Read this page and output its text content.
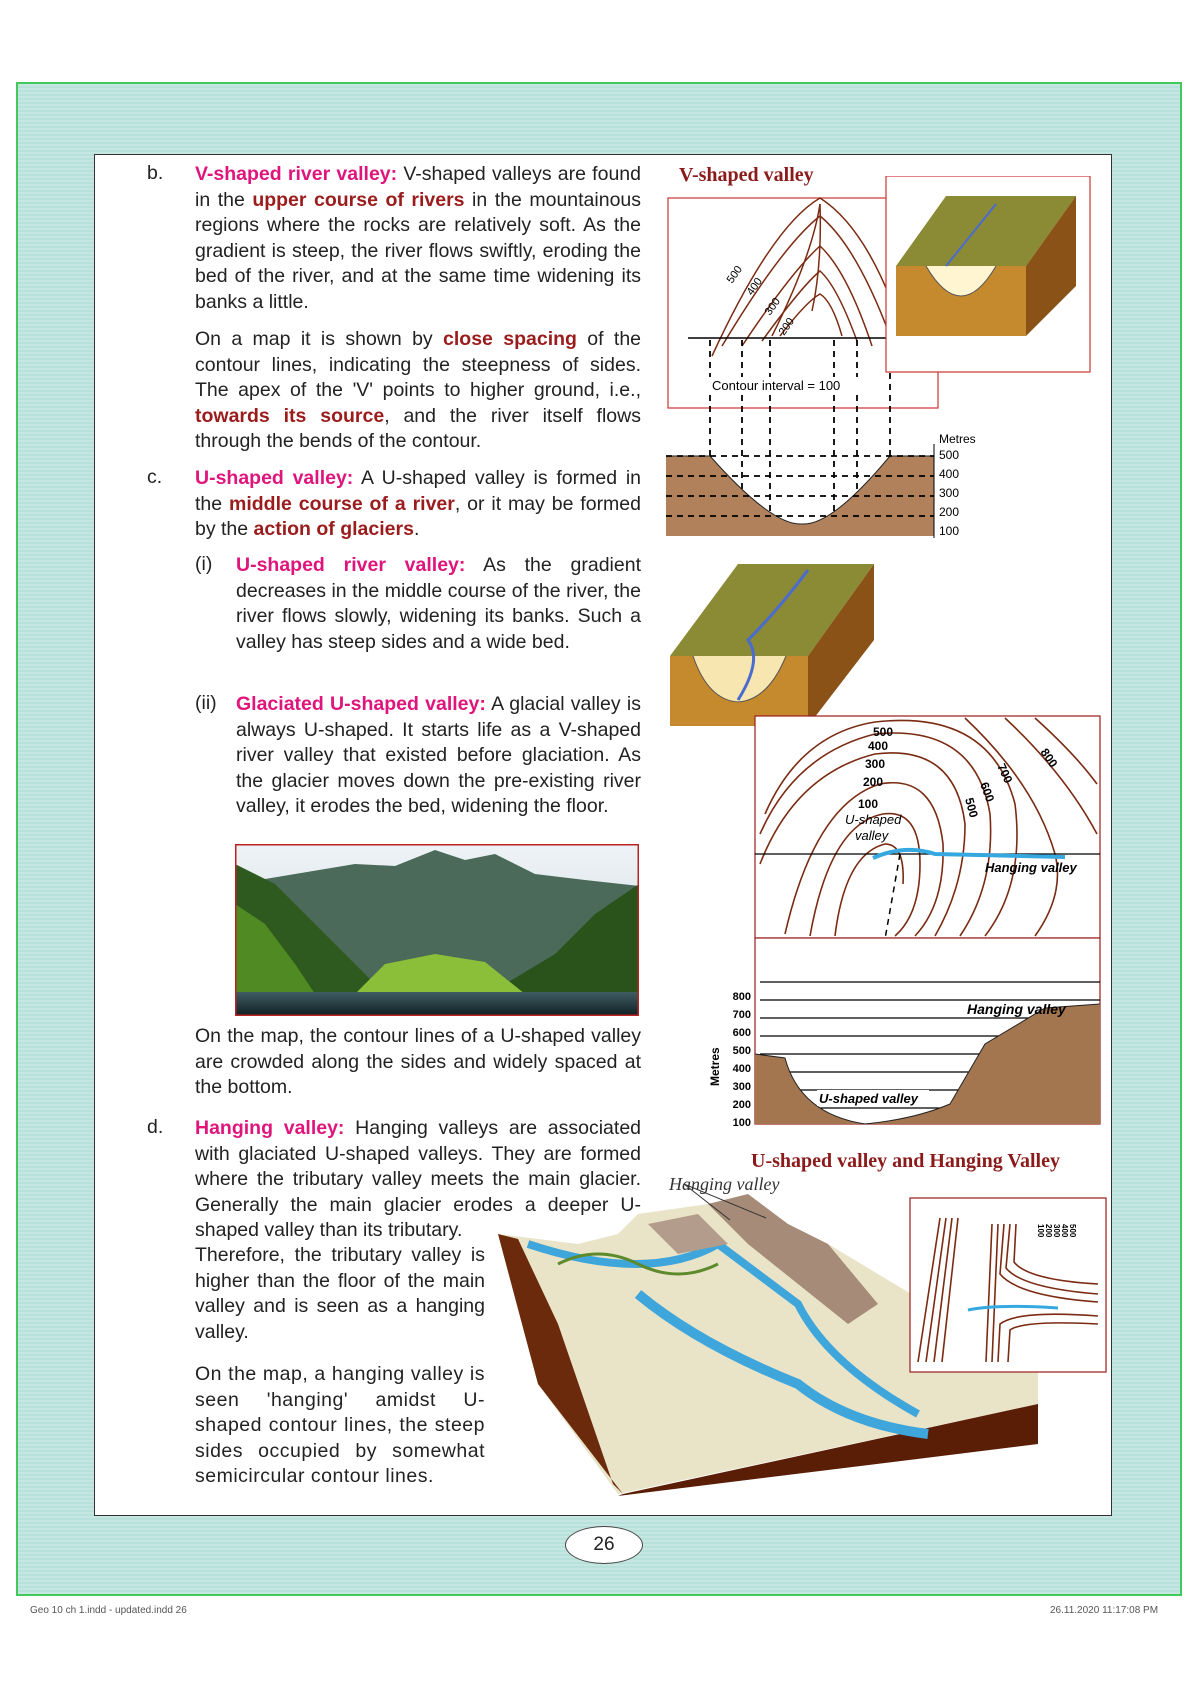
b. V-shaped river valley: V-shaped valleys are found in the upper course of rivers in the mountainous regions where the rocks are relatively soft. As the gradient is steep, the river flows swiftly, eroding the bed of the river, and at the same time widening its banks a little.

On a map it is shown by close spacing of the contour lines, indicating the steepness of sides. The apex of the 'V' points to higher ground, i.e., towards its source, and the river itself flows through the bends of the contour.

c. U-shaped valley: A U-shaped valley is formed in the middle course of a river, or it may be formed by the action of glaciers.

(i) U-shaped river valley: As the gradient decreases in the middle course of the river, the river flows slowly, widening its banks. Such a valley has steep sides and a wide bed.

(ii) Glaciated U-shaped valley: A glacial valley is always U-shaped. It starts life as a V-shaped river valley that existed before glaciation. As the glacier moves down the pre-existing river valley, it erodes the bed, widening the floor.

On the map, the contour lines of a U-shaped valley are crowded along the sides and widely spaced at the bottom.

d. Hanging valley: Hanging valleys are associated with glaciated U-shaped valleys. They are formed where the tributary valley meets the main glacier. Generally the main glacier erodes a deeper U-shaped valley than its tributary.

Therefore, the tributary valley is higher than the floor of the main valley and is seen as a hanging valley.

On the map, a hanging valley is seen 'hanging' amidst U-shaped contour lines, the steep sides occupied by somewhat semicircular contour lines.

V-shaped valley
500
400
300
200
Contour interval = 100
Metres
500
400
300
200
100
500
400
300
200
100
800
700
600
500
U-shaped
valley
Hanging valley
800
700
600
500
400
300
200
100
Metres
Hanging valley
U-shaped valley
U-shaped valley and Hanging Valley
Hanging valley
100 200 300 400 500
26
Geo 10 ch 1.indd - updated.indd 26	26.11.2020 11:17:08 PM
